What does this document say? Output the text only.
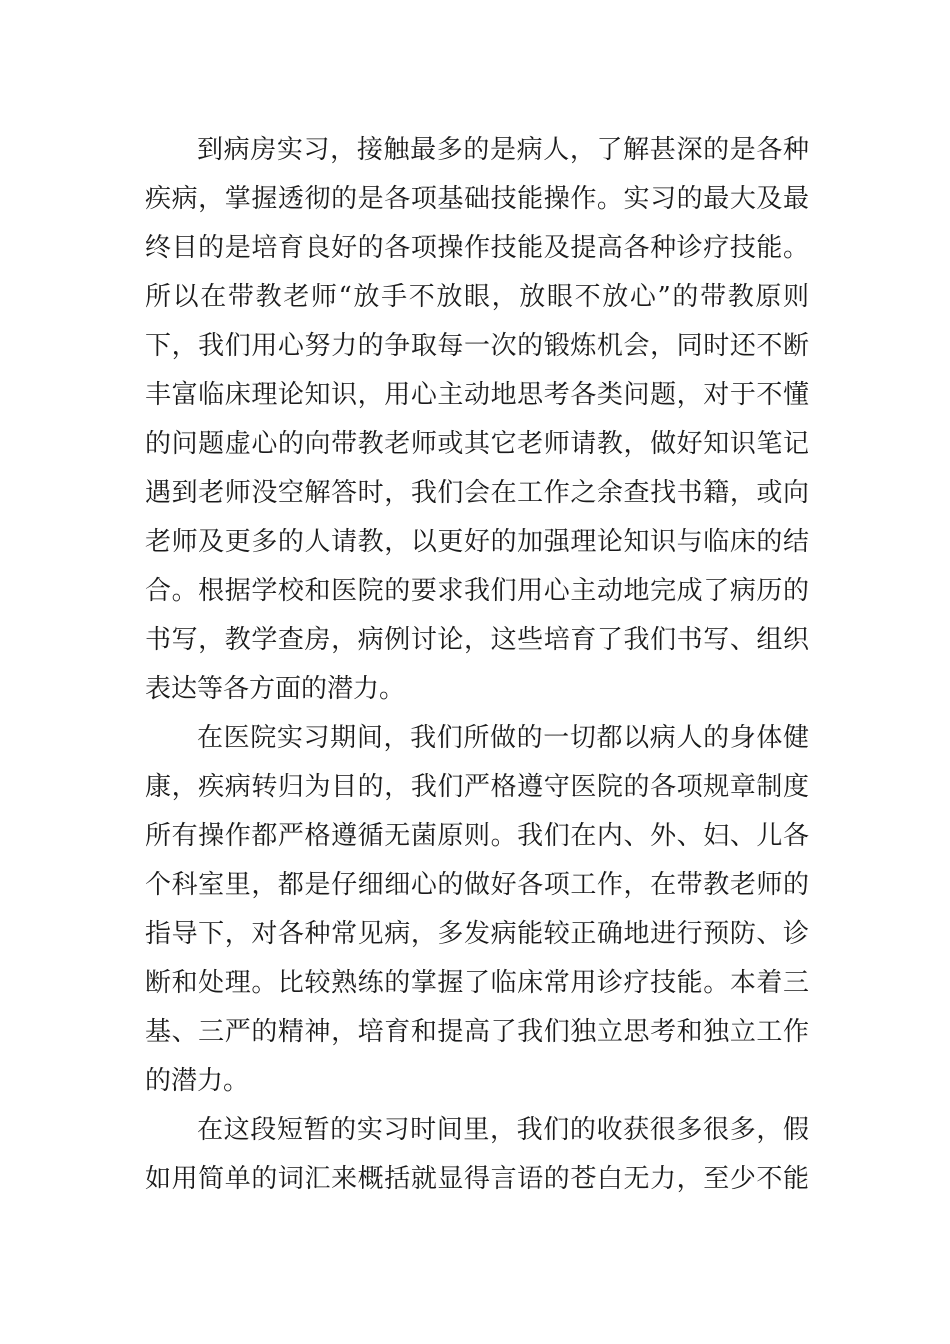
到病房实习，接触最多的是病人，了解甚深的是各种
疾病，掌握透彻的是各项基础技能操作。实习的最大及最
终目的是培育良好的各项操作技能及提高各种诊疗技能。
所以在带教老师“放手不放眼，放眼不放心”的带教原则
下，我们用心努力的争取每一次的锻炼机会，同时还不断
丰富临床理论知识，用心主动地思考各类问题，对于不懂
的问题虚心的向带教老师或其它老师请教，做好知识笔记
遇到老师没空解答时，我们会在工作之余查找书籍，或向
老师及更多的人请教，以更好的加强理论知识与临床的结
合。根据学校和医院的要求我们用心主动地完成了病历的
书写，教学查房，病例讨论，这些培育了我们书写、组织
表达等各方面的潜力。
在医院实习期间，我们所做的一切都以病人的身体健
康，疾病转归为目的，我们严格遵守医院的各项规章制度
所有操作都严格遵循无菌原则。我们在内、外、妇、儿各
个科室里，都是仔细细心的做好各项工作，在带教老师的
指导下，对各种常见病，多发病能较正确地进行预防、诊
断和处理。比较熟练的掌握了临床常用诊疗技能。本着三
基、三严的精神，培育和提高了我们独立思考和独立工作
的潜力。
在这段短暂的实习时间里，我们的收获很多很多，假
如用简单的词汇来概括就显得言语的苍白无力，至少不能
